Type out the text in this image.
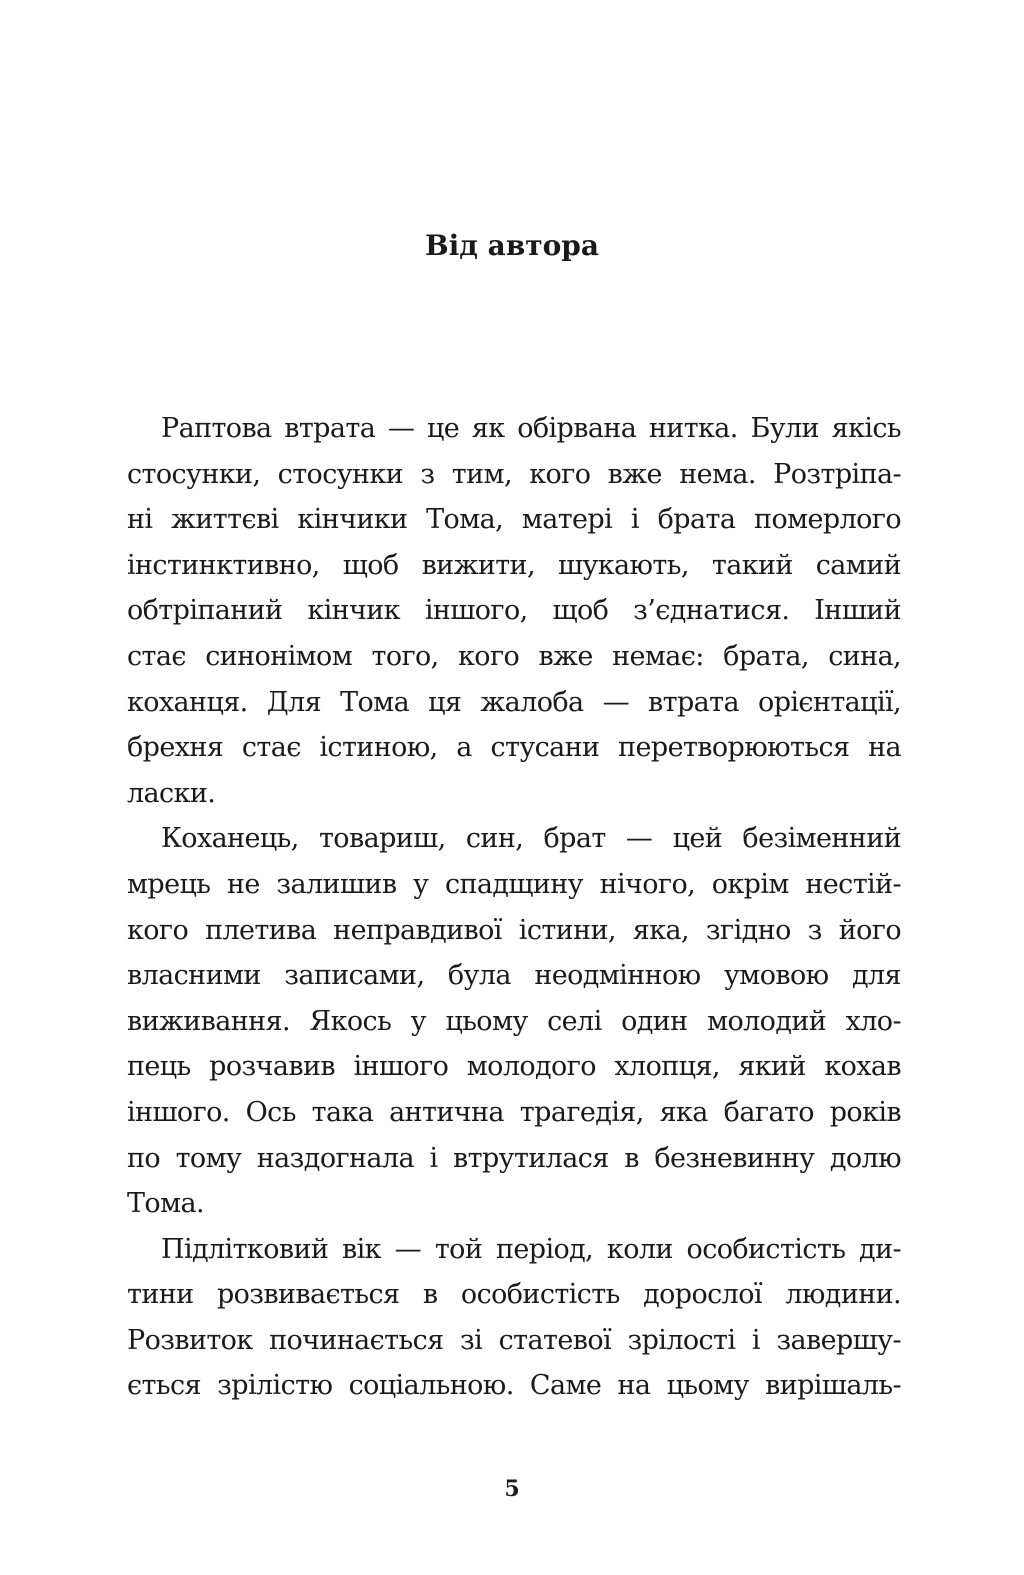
Від автора
Раптова втрата — це як обірвана нитка. Були якісь
стосунки, стосунки з тим, кого вже нема. Розтріпа-
ні життєві кінчики Тома, матері і брата померлого
інстинктивно, щоб вижити, шукають, такий самий
обтріпаний кінчик іншого, щоб з’єднатися. Інший
стає синонімом того, кого вже немає: брата, сина,
коханця. Для Тома ця жалоба — втрата орієнтації,
брехня стає істиною, а стусани перетворюються на
ласки.
Коханець, товариш, син, брат — цей безіменний
мрець не залишив у спадщину нічого, окрім нестій-
кого плетива неправдивої істини, яка, згідно з його
власними записами, була неодмінною умовою для
виживання. Якось у цьому селі один молодий хло-
пець розчавив іншого молодого хлопця, який кохав
іншого. Ось така антична трагедія, яка багато років
по тому наздогнала і втрутилася в безневинну долю
Тома.
Підлітковий вік — той період, коли особистість ди-
тини розвивається в особистість дорослої людини.
Розвиток починається зі статевої зрілості і завершу-
ється зрілістю соціальною. Саме на цьому вирішаль-
5
